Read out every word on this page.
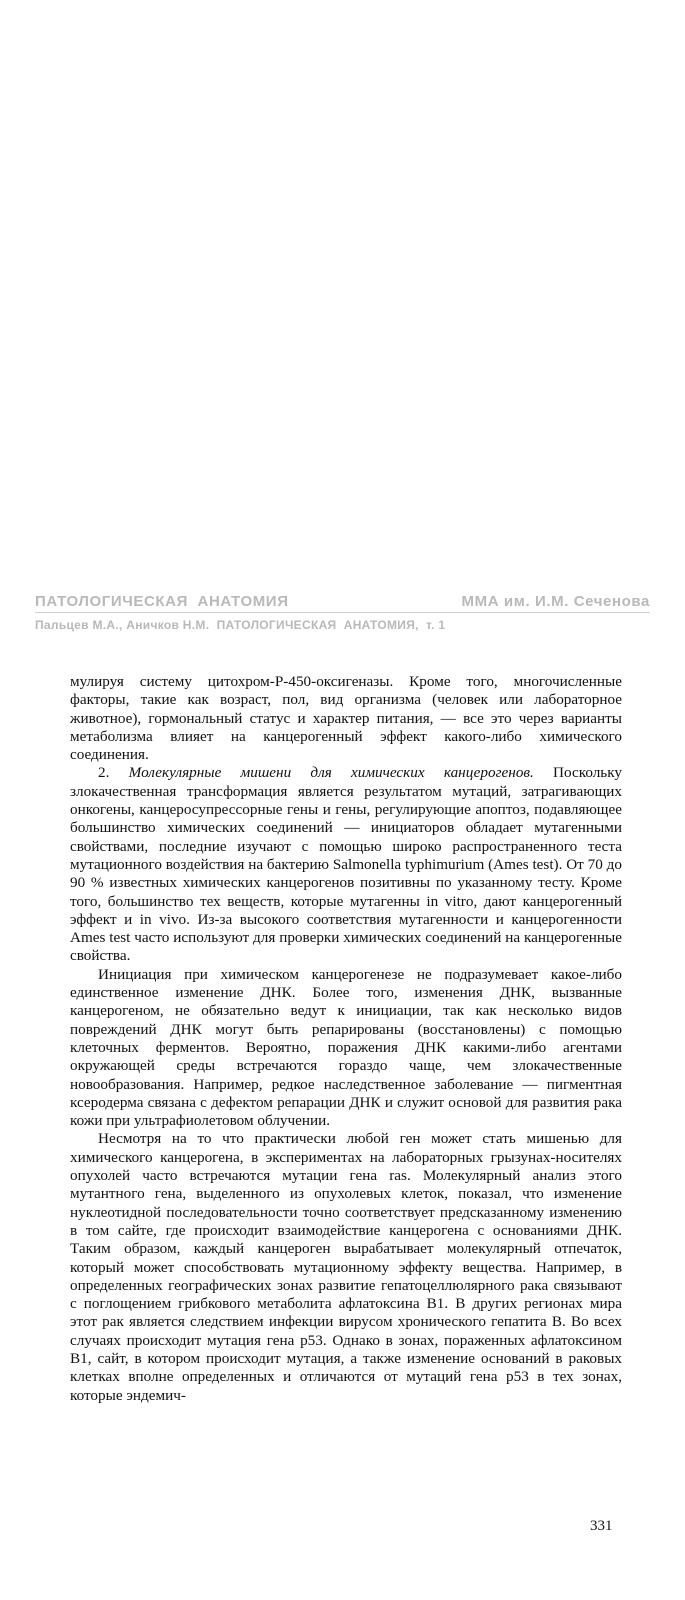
ПАТОЛОГИЧЕСКАЯ  АНАТОМИЯ	ММА им. И.М. Сеченова
Пальцев М.А., Аничков Н.М.  ПАТОЛОГИЧЕСКАЯ  АНАТОМИЯ,  т. 1

мулируя систему цитохром-Р-450-оксигеназы. Кроме того, многочисленные факторы, такие как возраст, пол, вид организма (человек или лабораторное животное), гормональный статус и характер питания, — все это через варианты метаболизма влияет на канцерогенный эффект какого-либо химического соединения.

2. Молекулярные мишени для химических канцерогенов. Поскольку злокачественная трансформация является результатом мутаций, затрагивающих онкогены, канцеросупрессорные гены и гены, регулирующие апоптоз, подавляющее большинство химических соединений — инициаторов обладает мутагенными свойствами, последние изучают с помощью широко распространенного теста мутационного воздействия на бактерию Salmonella typhimurium (Ames test). От 70 до 90 % известных химических канцерогенов позитивны по указанному тесту. Кроме того, большинство тех веществ, которые мутагенны in vitro, дают канцерогенный эффект и in vivo. Из-за высокого соответствия мутагенности и канцерогенности Ames test часто используют для проверки химических соединений на канцерогенные свойства.

Инициация при химическом канцерогенезе не подразумевает какое-либо единственное изменение ДНК. Более того, изменения ДНК, вызванные канцерогеном, не обязательно ведут к инициации, так как несколько видов повреждений ДНК могут быть репарированы (восстановлены) с помощью клеточных ферментов. Вероятно, поражения ДНК какими-либо агентами окружающей среды встречаются гораздо чаще, чем злокачественные новообразования. Например, редкое наследственное заболевание — пигментная ксеродерма связана с дефектом репарации ДНК и служит основой для развития рака кожи при ультрафиолетовом облучении.

Несмотря на то что практически любой ген может стать мишенью для химического канцерогена, в экспериментах на лабораторных грызунах-носителях опухолей часто встречаются мутации гена ras. Молекулярный анализ этого мутантного гена, выделенного из опухолевых клеток, показал, что изменение нуклеотидной последовательности точно соответствует предсказанному изменению в том сайте, где происходит взаимодействие канцерогена с основаниями ДНК. Таким образом, каждый канцероген вырабатывает молекулярный отпечаток, который может способствовать мутационному эффекту вещества. Например, в определенных географических зонах развитие гепатоцеллюлярного рака связывают с поглощением грибкового метаболита афлатоксина В1. В других регионах мира этот рак является следствием инфекции вирусом хронического гепатита В. Во всех случаях происходит мутация гена p53. Однако в зонах, пораженных афлатоксином В1, сайт, в котором происходит мутация, а также изменение оснований в раковых клетках вполне определенных и отличаются от мутаций гена p53 в тех зонах, которые эндемич-

331
